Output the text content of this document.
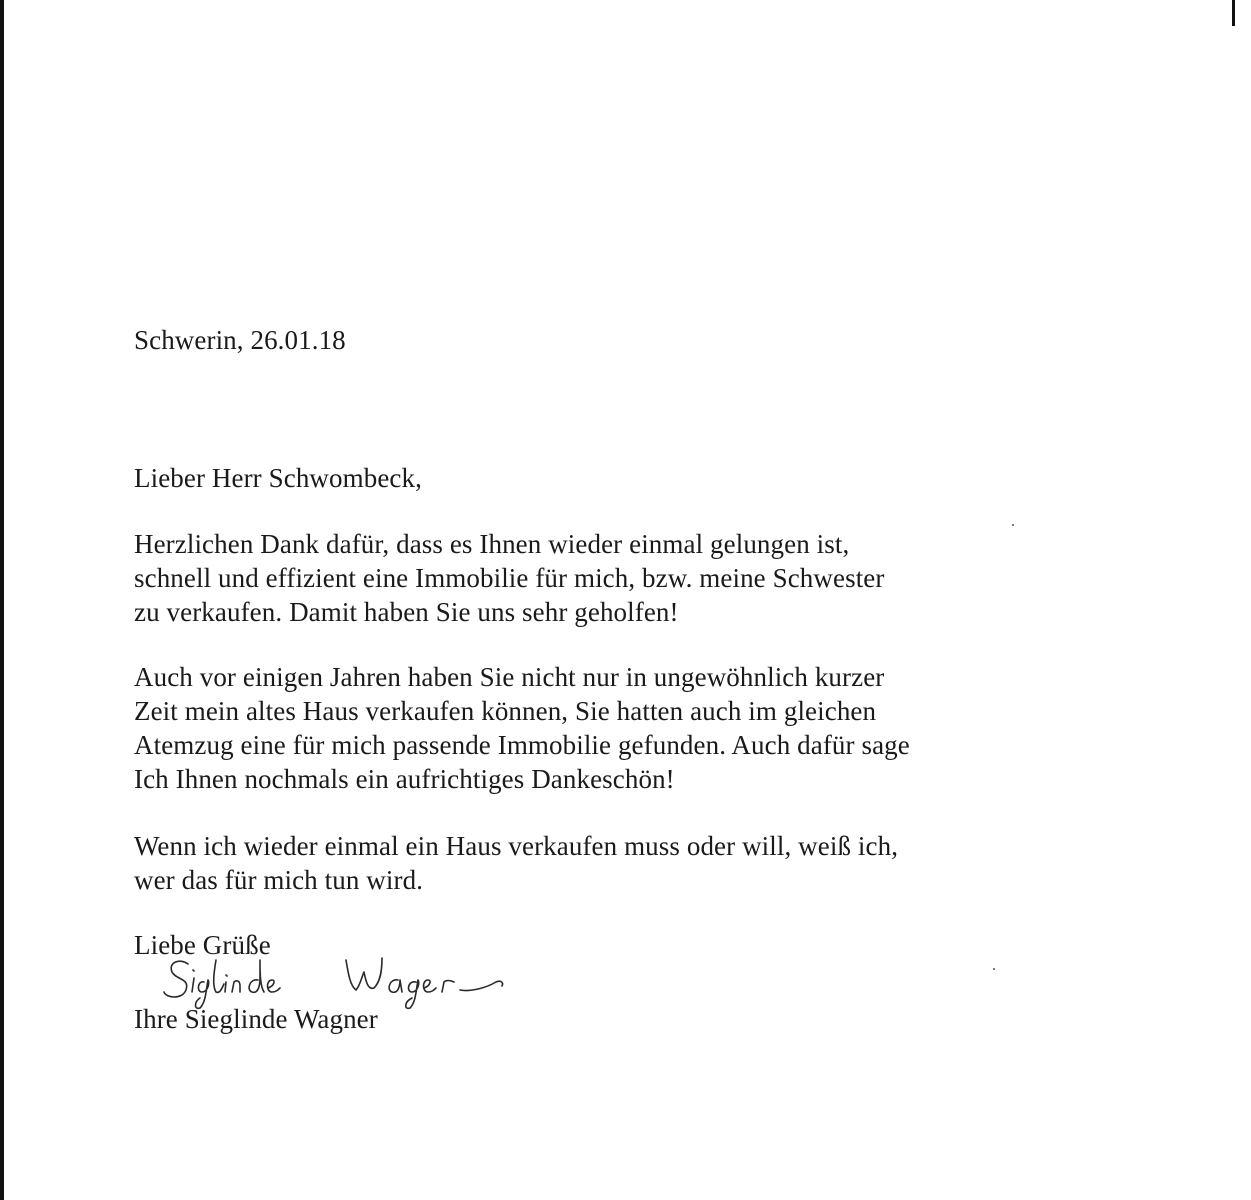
Schwerin, 26.01.18
Lieber Herr Schwombeck,
Herzlichen Dank dafür, dass es Ihnen wieder einmal gelungen ist,
schnell und effizient eine Immobilie für mich, bzw. meine Schwester
zu verkaufen. Damit haben Sie uns sehr geholfen!
Auch vor einigen Jahren haben Sie nicht nur in ungewöhnlich kurzer
Zeit mein altes Haus verkaufen können, Sie hatten auch im gleichen
Atemzug eine für mich passende Immobilie gefunden. Auch dafür sage
Ich Ihnen nochmals ein aufrichtiges Dankeschön!
Wenn ich wieder einmal ein Haus verkaufen muss oder will, weiß ich,
wer das für mich tun wird.
Liebe Grüße
Ihre Sieglinde Wagner
